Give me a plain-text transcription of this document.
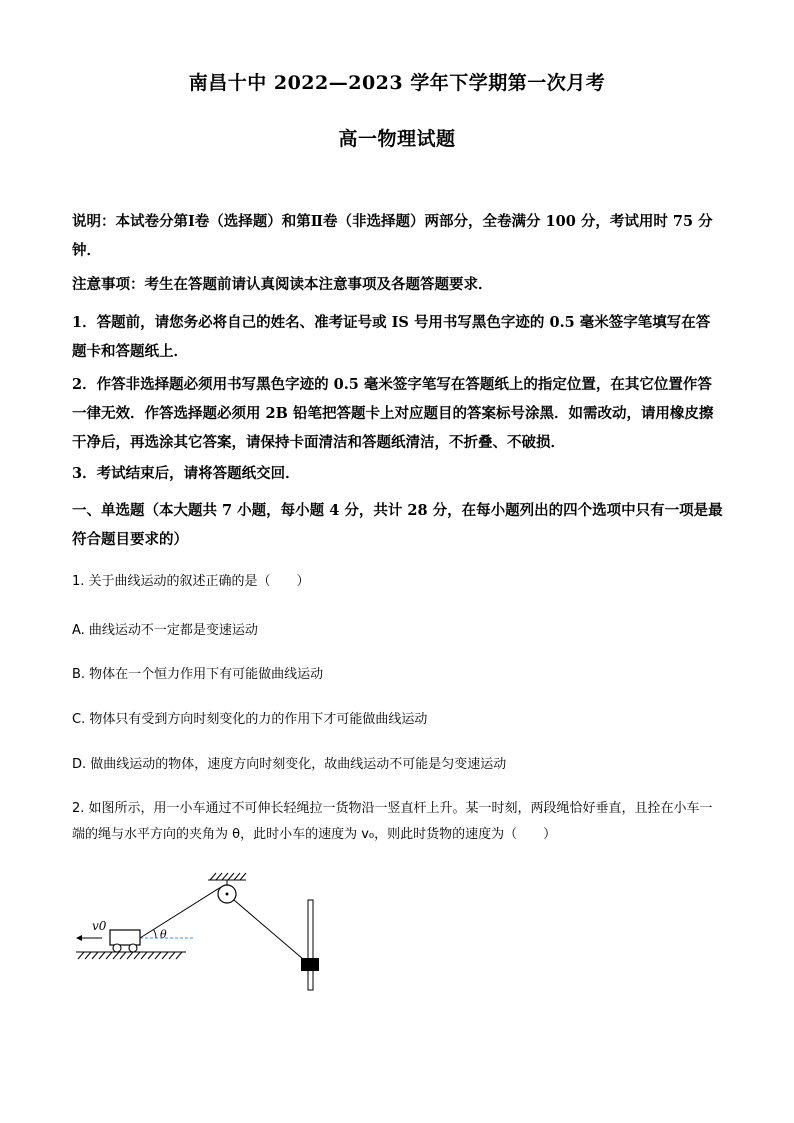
南昌十中 2022—2023 学年下学期第一次月考
高一物理试题
说明：本试卷分第Ⅰ卷（选择题）和第Ⅱ卷（非选择题）两部分，全卷满分 100 分，考试用时 75 分钟．
注意事项：考生在答题前请认真阅读本注意事项及各题答题要求．
1．答题前，请您务必将自己的姓名、准考证号或 IS 号用书写黑色字迹的 0.5 毫米签字笔填写在答题卡和答题纸上．
2．作答非选择题必须用书写黑色字迹的 0.5 毫米签字笔写在答题纸上的指定位置，在其它位置作答一律无效．作答选择题必须用 2B 铅笔把答题卡上对应题目的答案标号涂黑．如需改动，请用橡皮擦干净后，再选涂其它答案，请保持卡面清洁和答题纸清洁，不折叠、不破损．
3．考试结束后，请将答题纸交回．
一、单选题（本大题共 7 小题，每小题 4 分，共计 28 分，在每小题列出的四个选项中只有一项是最符合题目要求的）
1. 关于曲线运动的叙述正确的是（　　）
A. 曲线运动不一定都是变速运动
B. 物体在一个恒力作用下有可能做曲线运动
C. 物体只有受到方向时刻变化的力的作用下才可能做曲线运动
D. 做曲线运动的物体，速度方向时刻变化，故曲线运动不可能是匀变速运动
2. 如图所示，用一小车通过不可伸长轻绳拉一货物沿一竖直杆上升。某一时刻，两段绳恰好垂直，且拴在小车一端的绳与水平方向的夹角为 θ，此时小车的速度为 v₀，则此时货物的速度为（　　）
v0
θ
